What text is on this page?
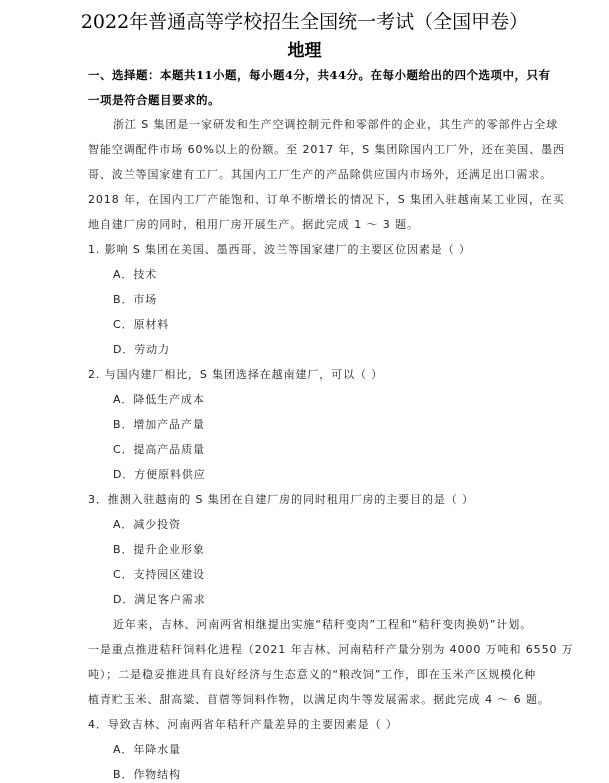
2022年普通高等学校招生全国统一考试（全国甲卷）
地理
一、选择题：本题共11小题，每小题4分，共44分。在每小题给出的四个选项中，只有
一项是符合题目要求的。
浙江 S 集团是一家研发和生产空调控制元件和零部件的企业，其生产的零部件占全球
智能空调配件市场 60%以上的份额。至 2017 年，S 集团除国内工厂外，还在美国、墨西
哥、波兰等国家建有工厂。其国内工厂生产的产品除供应国内市场外，还满足出口需求。
2018 年，在国内工厂产能饱和、订单不断增长的情况下，S 集团入驻越南某工业园，在买
地自建厂房的同时，租用厂房开展生产。据此完成 1 ～ 3 题。
1. 影响 S 集团在美国、墨西哥、波兰等国家建厂的主要区位因素是（ ）
A．技术
B．市场
C．原材料
D．劳动力
2. 与国内建厂相比，S 集团选择在越南建厂，可以（ ）
A．降低生产成本
B．增加产品产量
C．提高产品质量
D．方便原料供应
3．推测入驻越南的 S 集团在自建厂房的同时租用厂房的主要目的是（ ）
A．减少投资
B．提升企业形象
C．支持园区建设
D．满足客户需求
近年来，吉林、河南两省相继提出实施“秸秆变肉”工程和“秸秆变肉换奶”计划。
一是重点推进秸秆饲料化进程（2021 年吉林、河南秸秆产量分别为 4000 万吨和 6550 万
吨）；二是稳妥推进具有良好经济与生态意义的“粮改饲”工作，即在玉米产区规模化种
植青贮玉米、甜高粱、苜蓿等饲料作物，以满足肉牛等发展需求。据此完成 4 ～ 6 题。
4．导致吉林、河南两省年秸秆产量差异的主要因素是（ ）
A．年降水量
B．作物结构
